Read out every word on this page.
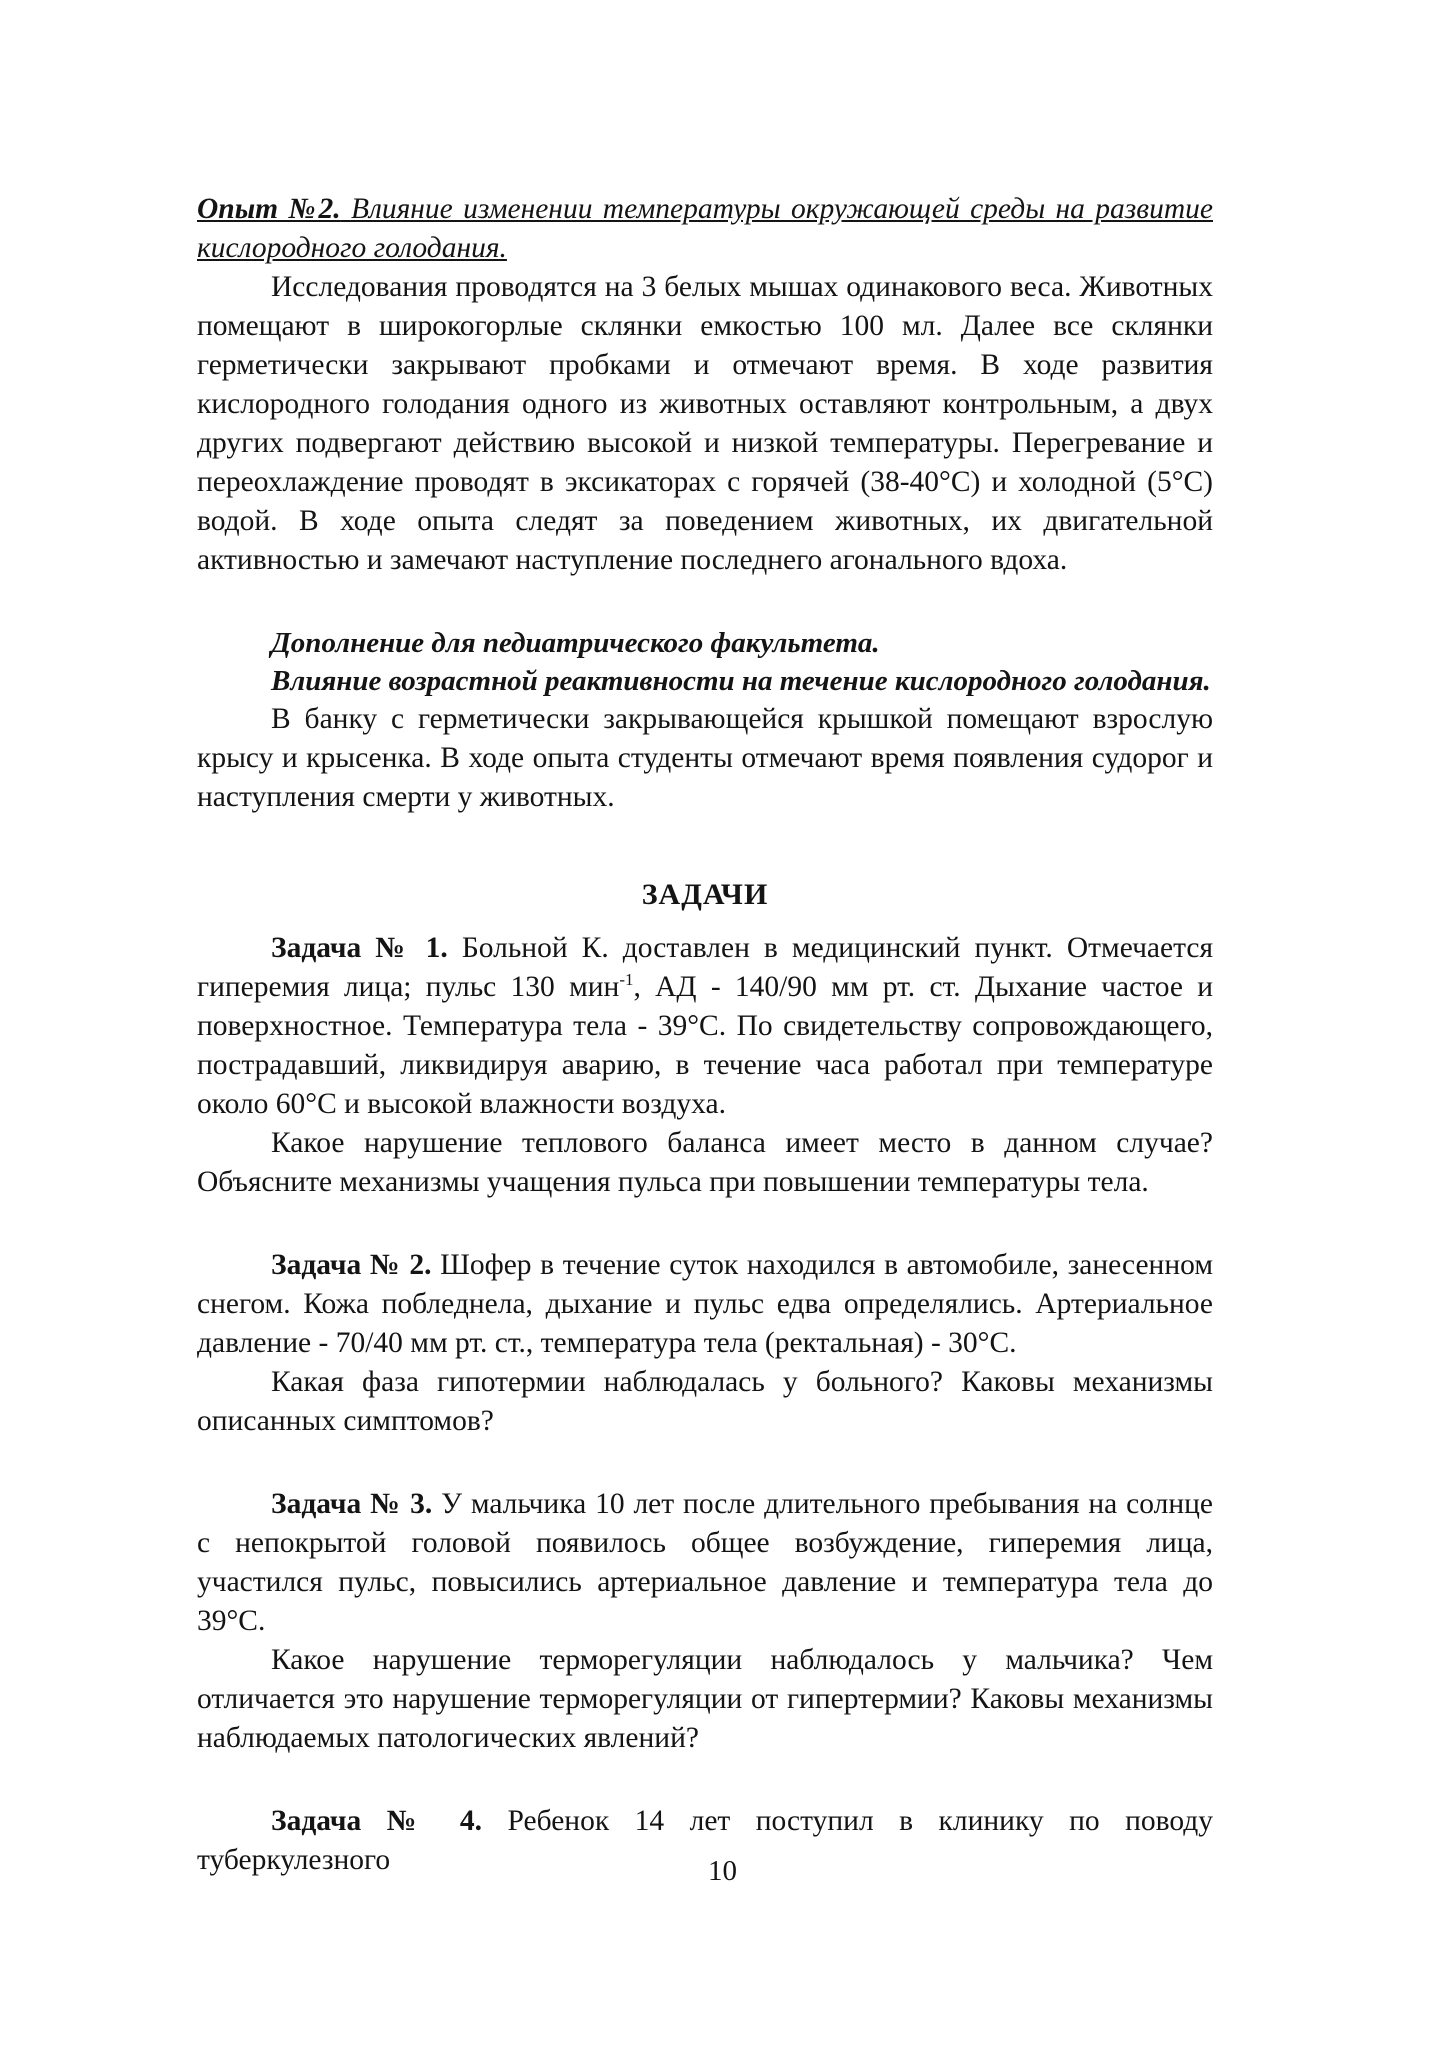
Опыт №2. Влияние изменении температуры окружающей среды на развитие кислородного голодания.

Исследования проводятся на 3 белых мышах одинакового веса. Животных помещают в широкогорлые склянки емкостью 100 мл. Далее все склянки герметически закрывают пробками и отмечают время. В ходе развития кислородного голодания одного из животных оставляют контрольным, а двух других подвергают действию высокой и низкой температуры. Перегревание и переохлаждение проводят в эксикаторах с горячей (38-40°С) и холодной (5°С) водой. В ходе опыта следят за поведением животных, их двигательной активностью и замечают наступление последнего агонального вдоха.

Дополнение для педиатрического факультета.

Влияние возрастной реактивности на течение кислородного голодания.

В банку с герметически закрывающейся крышкой помещают взрослую крысу и крысенка. В ходе опыта студенты отмечают время появления судорог и наступления смерти у животных.

ЗАДАЧИ

Задача № 1. Больной К. доставлен в медицинский пункт. Отмечается гиперемия лица; пульс 130 мин$^{-1}$, АД - 140/90 мм рт. ст. Дыхание частое и поверхностное. Температура тела - 39°С. По свидетельству сопровождающего, пострадавший, ликвидируя аварию, в течение часа работал при температуре около 60°С и высокой влажности воздуха.

Какое нарушение теплового баланса имеет место в данном случае? Объясните механизмы учащения пульса при повышении температуры тела.

Задача № 2. Шофер в течение суток находился в автомобиле, занесенном снегом. Кожа побледнела, дыхание и пульс едва определялись. Артериальное давление - 70/40 мм рт. ст., температура тела (ректальная) - 30°С.

Какая фаза гипотермии наблюдалась у больного? Каковы механизмы описанных симптомов?

Задача № 3. У мальчика 10 лет после длительного пребывания на солнце с непокрытой головой появилось общее возбуждение, гиперемия лица, участился пульс, повысились артериальное давление и температура тела до 39°С.

Какое нарушение терморегуляции наблюдалось у мальчика? Чем отличается это нарушение терморегуляции от гипертермии? Каковы механизмы наблюдаемых патологических явлений?

Задача № 4. Ребенок 14 лет поступил в клинику по поводу туберкулезного	10
